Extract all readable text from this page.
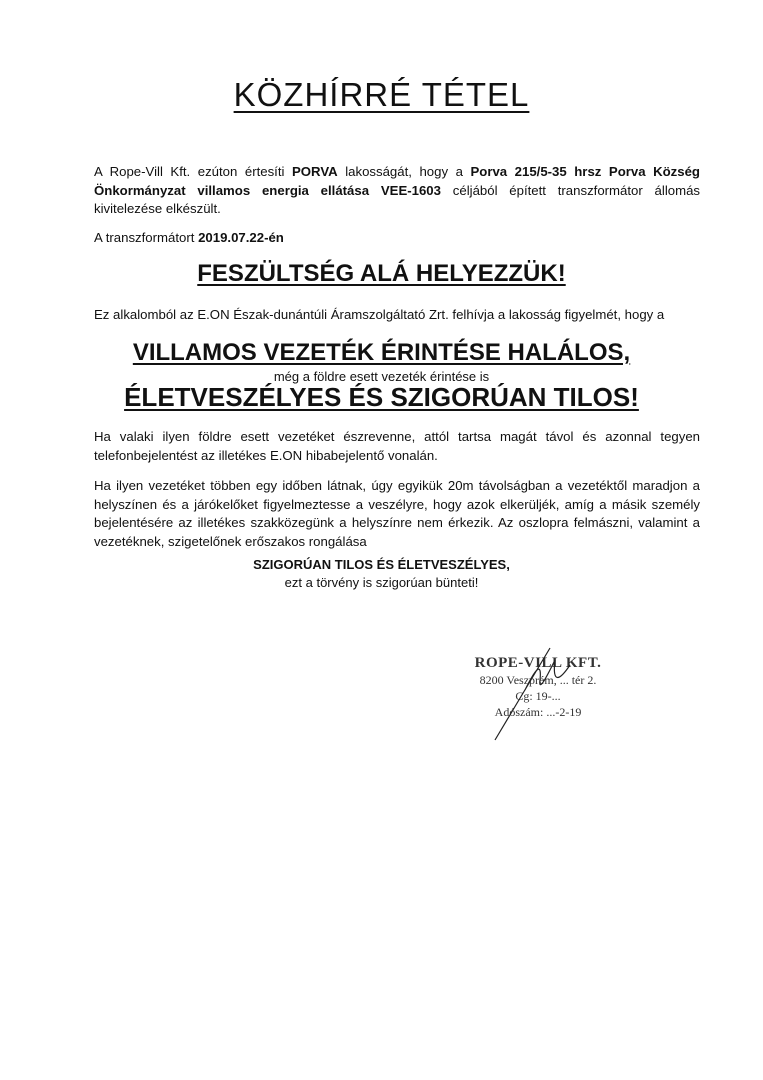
KÖZHÍRRÉ TÉTEL
A Rope-Vill Kft. ezúton értesíti PORVA lakosságát, hogy a Porva 215/5-35 hrsz Porva Község Önkormányzat villamos energia ellátása VEE-1603 céljából épített transzformátor állomás kivitelezése elkészült.
A transzformátort 2019.07.22-én
FESZÜLTSÉG ALÁ HELYEZZÜK!
Ez alkalomból az E.ON Észak-dunántúli Áramszolgáltató Zrt. felhívja a lakosság figyelmét, hogy a
VILLAMOS VEZETÉK ÉRINTÉSE HALÁLOS,
még a földre esett vezeték érintése is
ÉLETVESZÉLYES ÉS SZIGORÚAN TILOS!
Ha valaki ilyen földre esett vezetéket észrevenne, attól tartsa magát távol és azonnal tegyen telefonbejelentést az illetékes E.ON hibabejelentő vonalán.
Ha ilyen vezetéket többen egy időben látnak, úgy egyikük 20m távolságban a vezetéktől maradjon a helyszínen és a járókelőket figyelmeztesse a veszélyre, hogy azok elkerüljék, amíg a másik személy bejelentésére az illetékes szakközegünk a helyszínre nem érkezik. Az oszlopra felmászni, valamint a vezetéknek, szigetelőnek erőszakos rongálása
SZIGORÚAN TILOS ÉS ÉLETVESZÉLYES,
ezt a törvény is szigorúan bünteti!
ROPE-VILL KFT.
8200 Veszprém, ... tér 2.
Cg: 19-...
Adószám: ...-2-19
